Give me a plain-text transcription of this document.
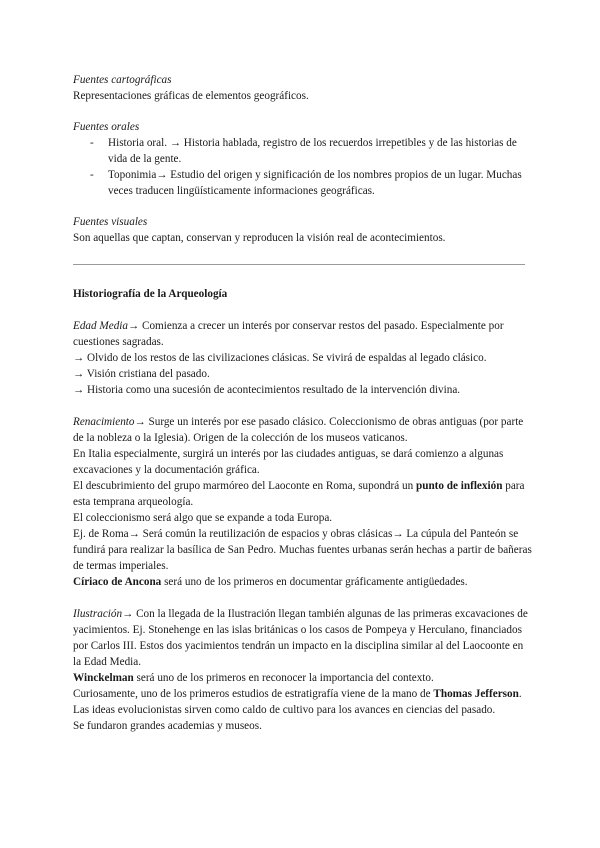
Fuentes cartográficas

Representaciones gráficas de elementos geográficos.

Fuentes orales

- Historia oral. → Historia hablada, registro de los recuerdos irrepetibles y de las historias de vida de la gente.
- Toponimia→ Estudio del origen y significación de los nombres propios de un lugar. Muchas veces traducen lingüísticamente informaciones geográficas.

Fuentes visuales

Son aquellas que captan, conservan y reproducen la visión real de acontecimientos.

Historiografía de la Arqueología

Edad Media→ Comienza a crecer un interés por conservar restos del pasado. Especialmente por cuestiones sagradas.

→ Olvido de los restos de las civilizaciones clásicas. Se vivirá de espaldas al legado clásico.

→ Visión cristiana del pasado.

→ Historia como una sucesión de acontecimientos resultado de la intervención divina.

Renacimiento→ Surge un interés por ese pasado clásico. Coleccionismo de obras antiguas (por parte de la nobleza o la Iglesia). Origen de la colección de los museos vaticanos.

En Italia especialmente, surgirá un interés por las ciudades antiguas, se dará comienzo a algunas excavaciones y la documentación gráfica.

El descubrimiento del grupo marmóreo del Laoconte en Roma, supondrá un punto de inflexión para esta temprana arqueología.

El coleccionismo será algo que se expande a toda Europa.

Ej. de Roma→ Será común la reutilización de espacios y obras clásicas→ La cúpula del Panteón se fundirá para realizar la basílica de San Pedro. Muchas fuentes urbanas serán hechas a partir de bañeras de termas imperiales.

Círiaco de Ancona será uno de los primeros en documentar gráficamente antigüedades.

Ilustración→ Con la llegada de la Ilustración llegan también algunas de las primeras excavaciones de yacimientos. Ej. Stonehenge en las islas británicas o los casos de Pompeya y Herculano, financiados por Carlos III. Estos dos yacimientos tendrán un impacto en la disciplina similar al del Laocoonte en la Edad Media.

Winckelman será uno de los primeros en reconocer la importancia del contexto.

Curiosamente, uno de los primeros estudios de estratigrafía viene de la mano de Thomas Jefferson.

Las ideas evolucionistas sirven como caldo de cultivo para los avances en ciencias del pasado.

Se fundaron grandes academias y museos.
